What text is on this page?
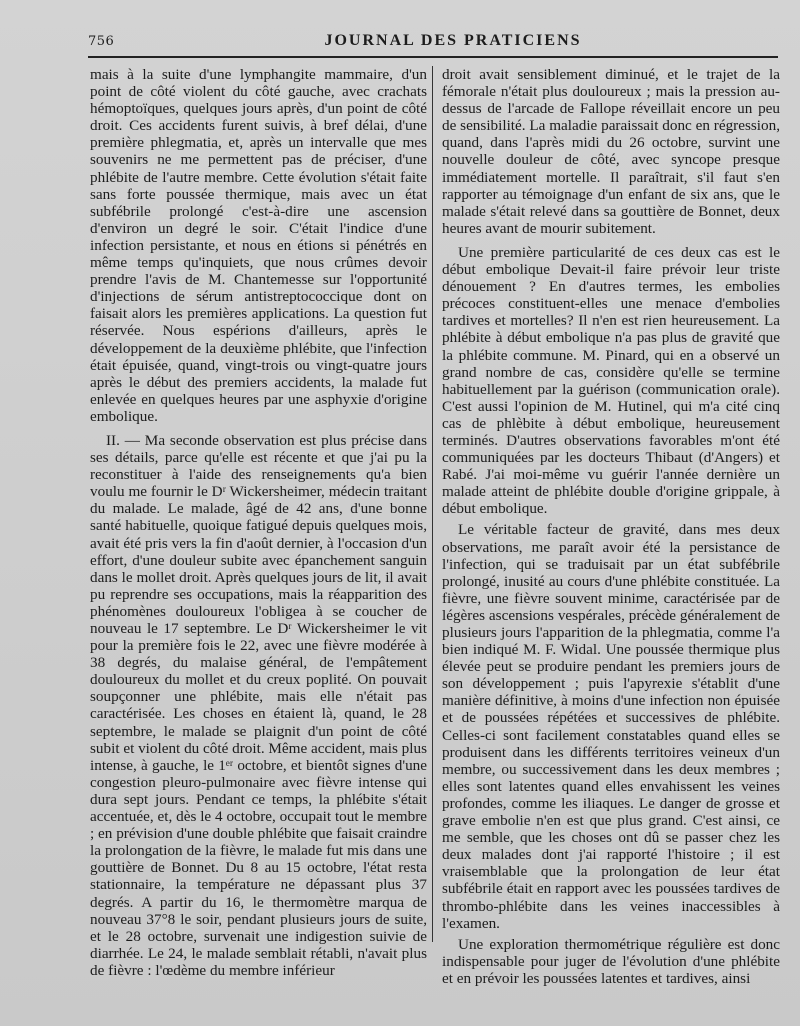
756	JOURNAL DES PRATICIENS

mais à la suite d'une lymphangite mammaire, d'un point de côté violent du côté gauche, avec crachats hémoptoïques, quelques jours après, d'un point de côté droit. Ces accidents furent suivis, à bref délai, d'une première phlegmatia, et, après un intervalle que mes souvenirs ne me permettent pas de préciser, d'une phlébite de l'autre membre. Cette évolution s'était faite sans forte poussée thermique, mais avec un état subfébrile prolongé c'est-à-dire une ascension d'environ un degré le soir. C'était l'indice d'une infection persistante, et nous en étions si pénétrés en même temps qu'inquiets, que nous crûmes devoir prendre l'avis de M. Chantemesse sur l'opportunité d'injections de sérum antistreptococcique dont on faisait alors les premières applications. La question fut réservée. Nous espérions d'ailleurs, après le développement de la deuxième phlébite, que l'infection était épuisée, quand, vingt-trois ou vingt-quatre jours après le début des premiers accidents, la malade fut enlevée en quelques heures par une asphyxie d'origine embolique.

II. — Ma seconde observation est plus précise dans ses détails, parce qu'elle est récente et que j'ai pu la reconstituer à l'aide des renseignements qu'a bien voulu me fournir le Dʳ Wickersheimer, médecin traitant du malade. Le malade, âgé de 42 ans, d'une bonne santé habituelle, quoique fatigué depuis quelques mois, avait été pris vers la fin d'août dernier, à l'occasion d'un effort, d'une douleur subite avec épanchement sanguin dans le mollet droit. Après quelques jours de lit, il avait pu reprendre ses occupations, mais la réapparition des phénomènes douloureux l'obligea à se coucher de nouveau le 17 septembre. Le Dʳ Wickersheimer le vit pour la première fois le 22, avec une fièvre modérée à 38 degrés, du malaise général, de l'empâtement douloureux du mollet et du creux poplité. On pouvait soupçonner une phlébite, mais elle n'était pas caractérisée. Les choses en étaient là, quand, le 28 septembre, le malade se plaignit d'un point de côté subit et violent du côté droit. Même accident, mais plus intense, à gauche, le 1ᵉʳ octobre, et bientôt signes d'une congestion pleuro-pulmonaire avec fièvre intense qui dura sept jours. Pendant ce temps, la phlébite s'était accentuée, et, dès le 4 octobre, occupait tout le membre ; en prévision d'une double phlébite que faisait craindre la prolongation de la fièvre, le malade fut mis dans une gouttière de Bonnet. Du 8 au 15 octobre, l'état resta stationnaire, la température ne dépassant plus 37 degrés. A partir du 16, le thermomètre marqua de nouveau 37°8 le soir, pendant plusieurs jours de suite, et le 28 octobre, survenait une indigestion suivie de diarrhée. Le 24, le malade semblait rétabli, n'avait plus de fièvre : l'œdème du membre inférieur

droit avait sensiblement diminué, et le trajet de la fémorale n'était plus douloureux ; mais la pression au-dessus de l'arcade de Fallope réveillait encore un peu de sensibilité. La maladie paraissait donc en régression, quand, dans l'après midi du 26 octobre, survint une nouvelle douleur de côté, avec syncope presque immédiatement mortelle. Il paraîtrait, s'il faut s'en rapporter au témoignage d'un enfant de six ans, que le malade s'était relevé dans sa gouttière de Bonnet, deux heures avant de mourir subitement.

Une première particularité de ces deux cas est le début embolique Devait-il faire prévoir leur triste dénouement ? En d'autres termes, les embolies précoces constituent-elles une menace d'embolies tardives et mortelles? Il n'en est rien heureusement. La phlébite à début embolique n'a pas plus de gravité que la phlébite commune. M. Pinard, qui en a observé un grand nombre de cas, considère qu'elle se termine habituellement par la guérison (communication orale). C'est aussi l'opinion de M. Hutinel, qui m'a cité cinq cas de phlèbite à début embolique, heureusement terminés. D'autres observations favorables m'ont été communiquées par les docteurs Thibaut (d'Angers) et Rabé. J'ai moi-même vu guérir l'année dernière un malade atteint de phlébite double d'origine grippale, à début embolique.

Le véritable facteur de gravité, dans mes deux observations, me paraît avoir été la persistance de l'infection, qui se traduisait par un état subfébrile prolongé, inusité au cours d'une phlébite constituée. La fièvre, une fièvre souvent minime, caractérisée par de légères ascensions vespérales, précède généralement de plusieurs jours l'apparition de la phlegmatia, comme l'a bien indiqué M. F. Widal. Une poussée thermique plus élevée peut se produire pendant les premiers jours de son développement ; puis l'apyrexie s'établit d'une manière définitive, à moins d'une infection non épuisée et de poussées répétées et successives de phlébite. Celles-ci sont facilement constatables quand elles se produisent dans les différents territoires veineux d'un membre, ou successivement dans les deux membres ; elles sont latentes quand elles envahissent les veines profondes, comme les iliaques. Le danger de grosse et grave embolie n'en est que plus grand. C'est ainsi, ce me semble, que les choses ont dû se passer chez les deux malades dont j'ai rapporté l'histoire ; il est vraisemblable que la prolongation de leur état subfébrile était en rapport avec les poussées tardives de thrombo-phlébite dans les veines inaccessibles à l'examen.

Une exploration thermométrique régulière est donc indispensable pour juger de l'évolution d'une phlébite et en prévoir les poussées latentes et tardives, ainsi
